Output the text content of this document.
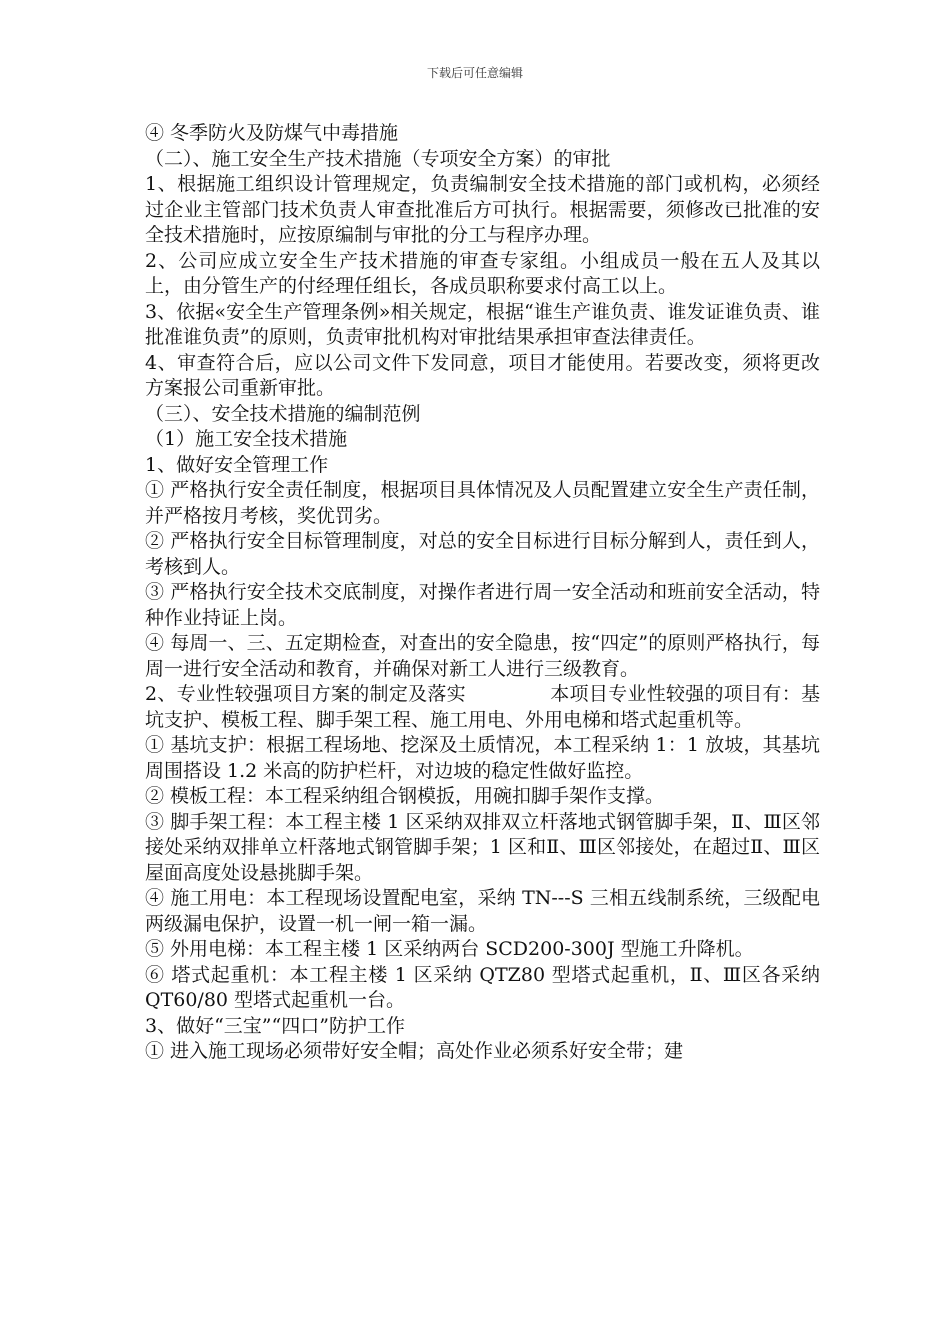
下载后可任意编辑

④ 冬季防火及防煤气中毒措施

（二）、施工安全生产技术措施（专项安全方案）的审批

1、根据施工组织设计管理规定，负责编制安全技术措施的部门或机构，必须经过企业主管部门技术负责人审查批准后方可执行。根据需要，须修改已批准的安全技术措施时，应按原编制与审批的分工与程序办理。

2、公司应成立安全生产技术措施的审查专家组。小组成员一般在五人及其以上，由分管生产的付经理任组长，各成员职称要求付高工以上。

3、依据«安全生产管理条例»相关规定，根据“谁生产谁负责、谁发证谁负责、谁批准谁负责”的原则，负责审批机构对审批结果承担审查法律责任。

4、审查符合后，应以公司文件下发同意，项目才能使用。若要改变，须将更改方案报公司重新审批。

（三）、安全技术措施的编制范例

（1）施工安全技术措施

1、做好安全管理工作

① 严格执行安全责任制度，根据项目具体情况及人员配置建立安全生产责任制，并严格按月考核，奖优罚劣。

② 严格执行安全目标管理制度，对总的安全目标进行目标分解到人，责任到人，考核到人。

③ 严格执行安全技术交底制度，对操作者进行周一安全活动和班前安全活动，特种作业持证上岗。

④ 每周一、三、五定期检查，对查出的安全隐患，按“四定”的原则严格执行，每周一进行安全活动和教育，并确保对新工人进行三级教育。

2、专业性较强项目方案的制定及落实	本项目专业性较强的项目有：基坑支护、模板工程、脚手架工程、施工用电、外用电梯和塔式起重机等。

① 基坑支护：根据工程场地、挖深及土质情况，本工程采纳 1：1 放坡，其基坑周围搭设 1.2 米高的防护栏杆，对边坡的稳定性做好监控。

② 模板工程：本工程采纳组合钢模扳，用碗扣脚手架作支撑。

③ 脚手架工程：本工程主楼 1 区采纳双排双立杆落地式钢管脚手架，Ⅱ、Ⅲ区邻接处采纳双排单立杆落地式钢管脚手架；1 区和Ⅱ、Ⅲ区邻接处，在超过Ⅱ、Ⅲ区屋面高度处设悬挑脚手架。

④ 施工用电：本工程现场设置配电室，采纳 TN---S 三相五线制系统，三级配电两级漏电保护，设置一机一闸一箱一漏。

⑤ 外用电梯：本工程主楼 1 区采纳两台 SCD200-300J 型施工升降机。

⑥ 塔式起重机：本工程主楼 1 区采纳 QTZ80 型塔式起重机，Ⅱ、Ⅲ区各采纳 QT60/80 型塔式起重机一台。

3、做好“三宝”“四口”防护工作

① 进入施工现场必须带好安全帽；高处作业必须系好安全带；建
